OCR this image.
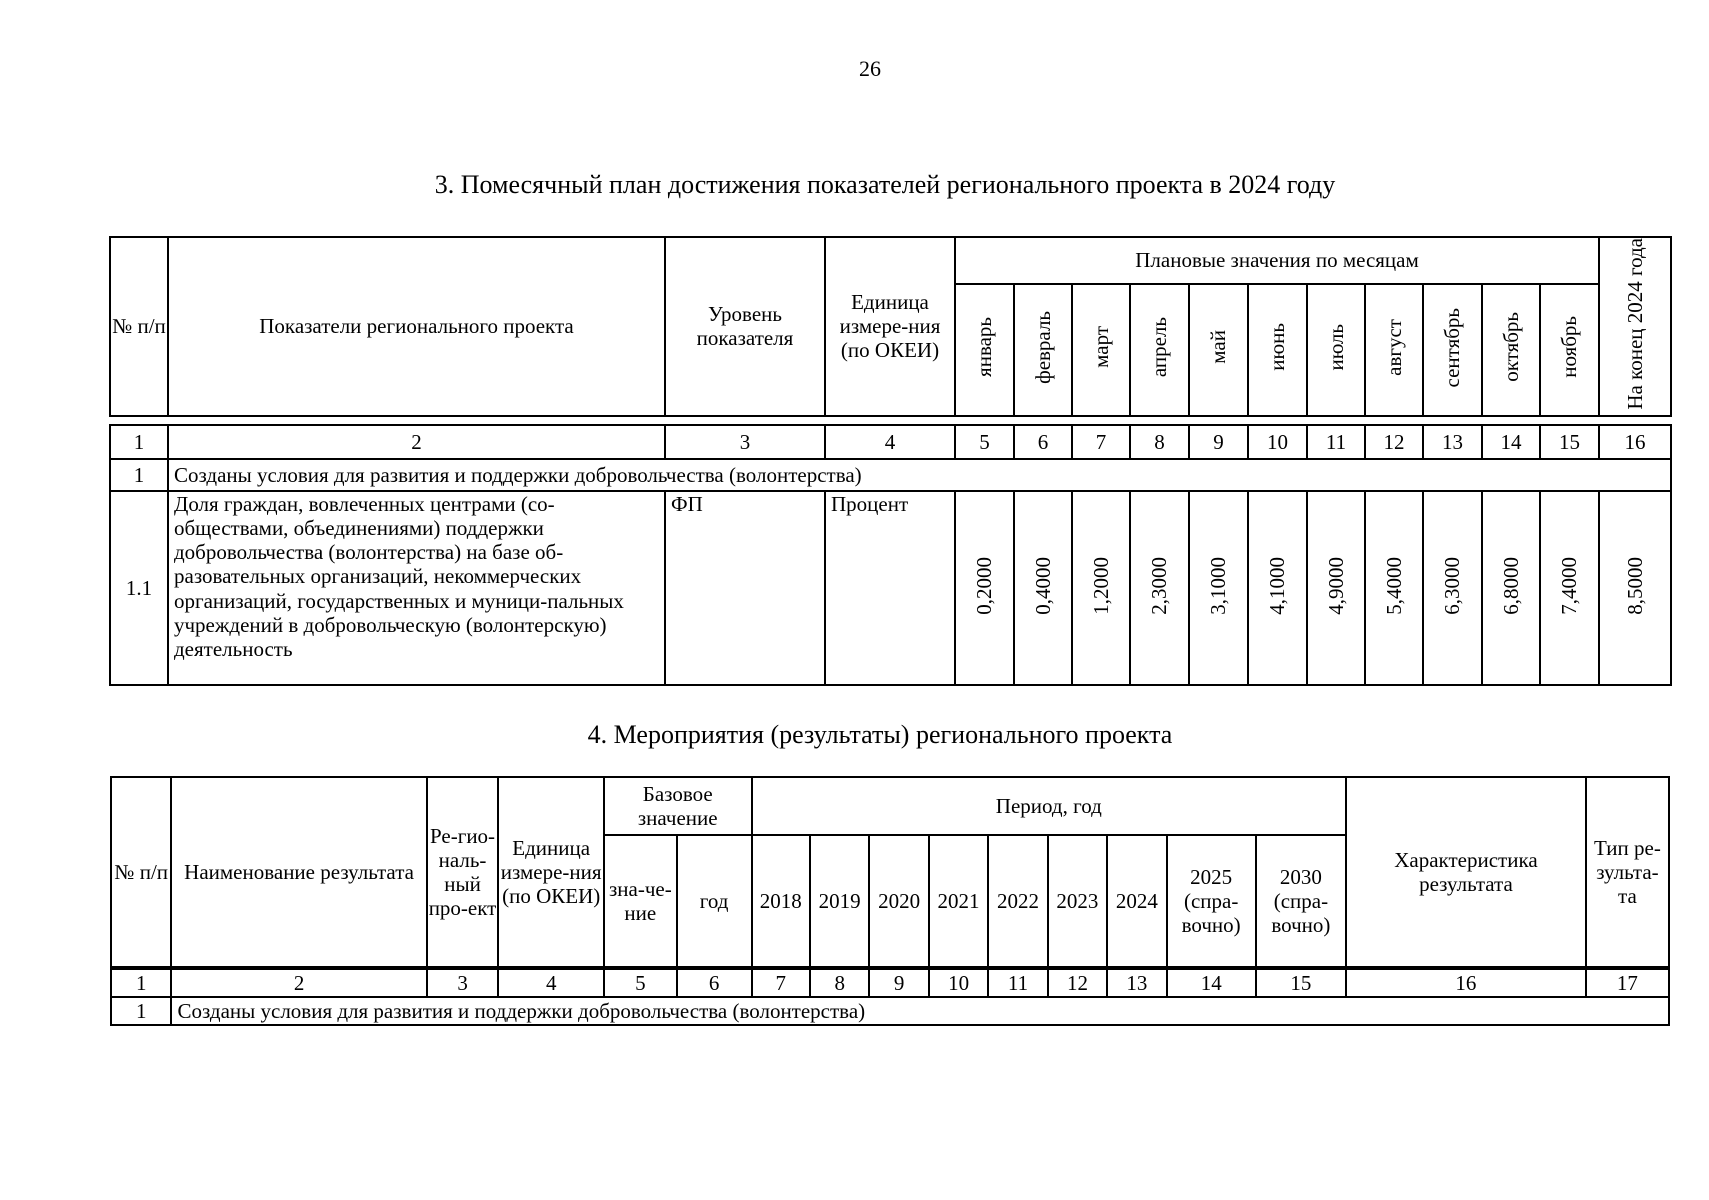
26
3. Помесячный план достижения показателей регионального проекта в 2024 году
№ п/п	Показатели регионального проекта	Уровень показателя	Единица измере-ния (по ОКЕИ)	Плановые значения по месяцам											На конец 2024 года
				январь	февраль	март	апрель	май	июнь	июль	август	сентябрь	октябрь	ноябрь	
1	2	3	4	5	6	7	8	9	10	11	12	13	14	15	16
1	Созданы условия для развития и поддержки добровольчества (волонтерства)														
1.1	Доля граждан, вовлеченных центрами (со-обществами, объединениями) поддержки добровольчества (волонтерства) на базе об-разовательных организаций, некоммерческих организаций, государственных и муници-пальных учреждений в добровольческую (волонтерскую) деятельность	ФП	Процент	0,2000	0,4000	1,2000	2,3000	3,1000	4,1000	4,9000	5,4000	6,3000	6,8000	7,4000	8,5000
4. Мероприятия (результаты) регионального проекта
№ п/п	Наименование результата	Ре-гио-наль-ный про-ект	Единица измере-ния (по ОКЕИ)	Базовое значение		Период, год									Характеристика результата	Тип ре-зульта-та
				зна-че-ние	год	2018	2019	2020	2021	2022	2023	2024	2025 (спра-вочно)	2030 (спра-вочно)		
1	2	3	4	5	6	7	8	9	10	11	12	13	14	15	16	17
1	Созданы условия для развития и поддержки добровольчества (волонтерства)															
